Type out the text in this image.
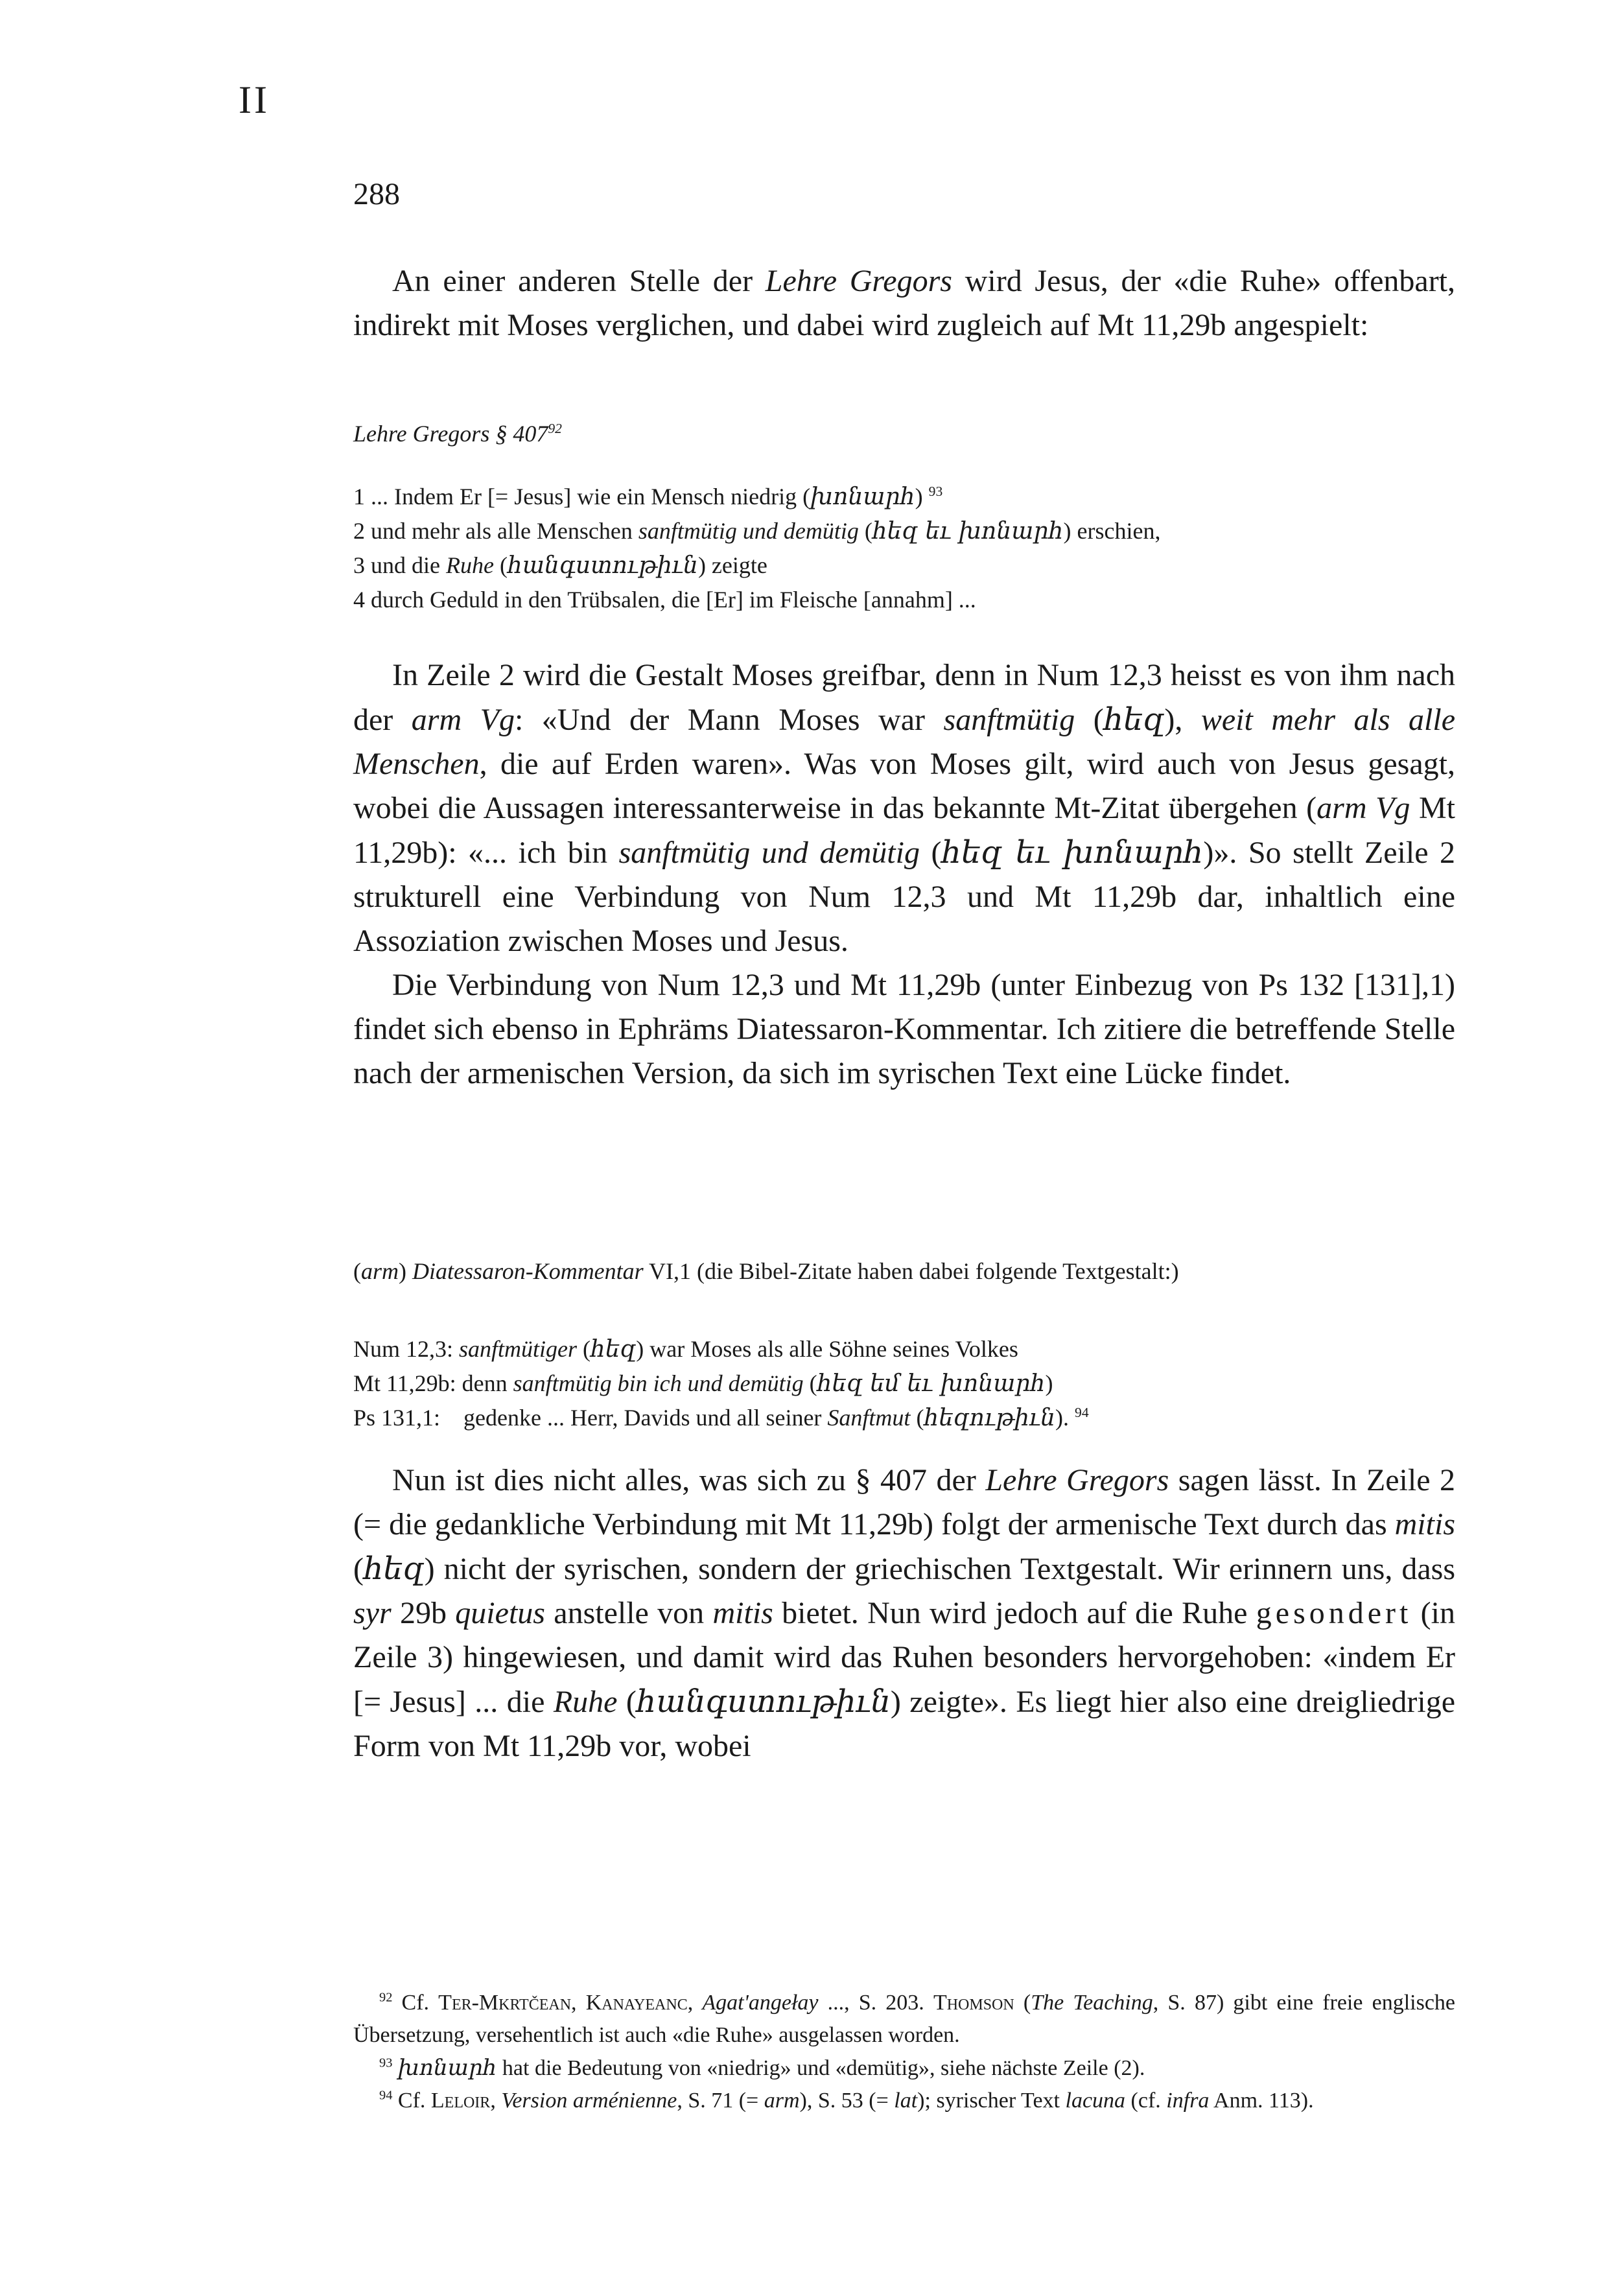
II
288

An einer anderen Stelle der Lehre Gregors wird Jesus, der «die Ruhe» offenbart, indirekt mit Moses verglichen, und dabei wird zugleich auf Mt 11,29b angespielt:

Lehre Gregors § $407^{92}$
1 ... Indem Er [= Jesus] wie ein Mensch niedrig (խոնարհ) $^{93}$
2 und mehr als alle Menschen sanftmütig und demütig (հեզ եւ խոնարհ) erschien,
3 und die Ruhe (հանգստութիւն) zeigte
4 durch Geduld in den Trübsalen, die [Er] im Fleische [annahm] ...

In Zeile 2 wird die Gestalt Moses greifbar, denn in Num 12,3 heisst es von ihm nach der arm Vg: «Und der Mann Moses war sanftmütig (հեզ), weit mehr als alle Menschen, die auf Erden waren». Was von Moses gilt, wird auch von Jesus gesagt, wobei die Aussagen interessanterweise in das bekannte Mt-Zitat übergehen (arm Vg Mt 11,29b): «... ich bin sanftmütig und demütig (հեզ եւ խոնարհ)». So stellt Zeile 2 strukturell eine Verbindung von Num 12,3 und Mt 11,29b dar, inhaltlich eine Assoziation zwischen Moses und Jesus.

Die Verbindung von Num 12,3 und Mt 11,29b (unter Einbezug von Ps 132 [131],1) findet sich ebenso in Ephräms Diatessaron-Kommentar. Ich zitiere die betreffende Stelle nach der armenischen Version, da sich im syrischen Text eine Lücke findet.

(arm) Diatessaron-Kommentar VI,1 (die Bibel-Zitate haben dabei folgende Textgestalt:)
Num 12,3: sanftmütiger (հեզ) war Moses als alle Söhne seines Volkes
Mt 11,29b: denn sanftmütig bin ich und demütig (հեզ եմ եւ խոնարհ)
Ps 131,1:    gedenke ... Herr, Davids und all seiner Sanftmut (հեզութիւն). $^{94}$

Nun ist dies nicht alles, was sich zu § 407 der Lehre Gregors sagen lässt. In Zeile 2 (= die gedankliche Verbindung mit Mt 11,29b) folgt der armenische Text durch das mitis (հեզ) nicht der syrischen, sondern der griechischen Textgestalt. Wir erinnern uns, dass syr 29b quietus anstelle von mitis bietet. Nun wird jedoch auf die Ruhe gesondert (in Zeile 3) hingewiesen, und damit wird das Ruhen besonders hervorgehoben: «indem Er [= Jesus] ... die Ruhe (հանգստութիւն) zeigte». Es liegt hier also eine dreigliedrige Form von Mt 11,29b vor, wobei

$^{92}$ Cf. Ter-Mkrtčean, Kanayeanc, Agat'angełay ..., S. 203. Thomson (The Teaching, S. 87) gibt eine freie englische Übersetzung, versehentlich ist auch «die Ruhe» ausgelassen worden.

$^{93}$ խոնարհ hat die Bedeutung von «niedrig» und «demütig», siehe nächste Zeile (2).

$^{94}$ Cf. Leloir, Version arménienne, S. 71 (= arm), S. 53 (= lat); syrischer Text lacuna (cf. infra Anm. 113).
